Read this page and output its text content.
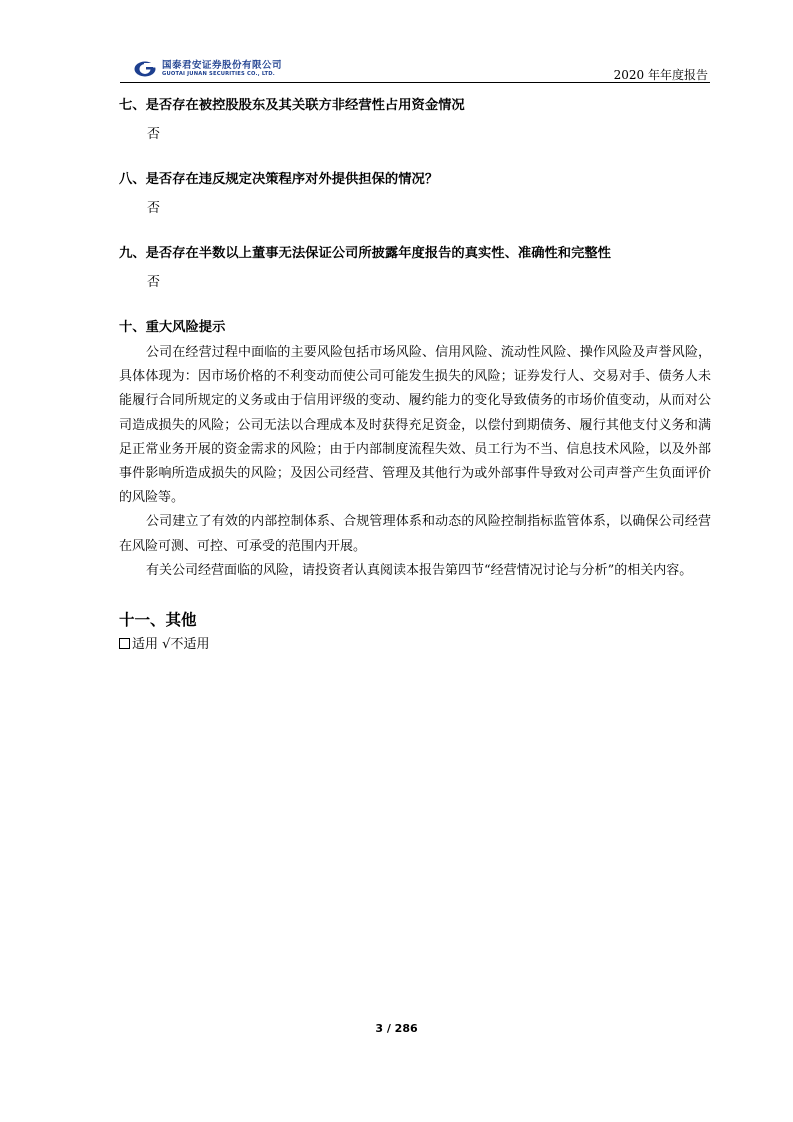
国泰君安证券股份有限公司
GUOTAI JUNAN SECURITIES CO., LTD.	2020 年年度报告

七、是否存在被控股股东及其关联方非经营性占用资金情况

否

八、是否存在违反规定决策程序对外提供担保的情况？

否

九、是否存在半数以上董事无法保证公司所披露年度报告的真实性、准确性和完整性

否

十、重大风险提示

公司在经营过程中面临的主要风险包括市场风险、信用风险、流动性风险、操作风险及声誉风险，具体体现为：因市场价格的不利变动而使公司可能发生损失的风险；证券发行人、交易对手、债务人未能履行合同所规定的义务或由于信用评级的变动、履约能力的变化导致债务的市场价值变动，从而对公司造成损失的风险；公司无法以合理成本及时获得充足资金，以偿付到期债务、履行其他支付义务和满足正常业务开展的资金需求的风险；由于内部制度流程失效、员工行为不当、信息技术风险，以及外部事件影响所造成损失的风险；及因公司经营、管理及其他行为或外部事件导致对公司声誉产生负面评价的风险等。

公司建立了有效的内部控制体系、合规管理体系和动态的风险控制指标监管体系，以确保公司经营在风险可测、可控、可承受的范围内开展。

有关公司经营面临的风险，请投资者认真阅读本报告第四节“经营情况讨论与分析”的相关内容。

十一、其他

适用 √不适用

3 / 286
